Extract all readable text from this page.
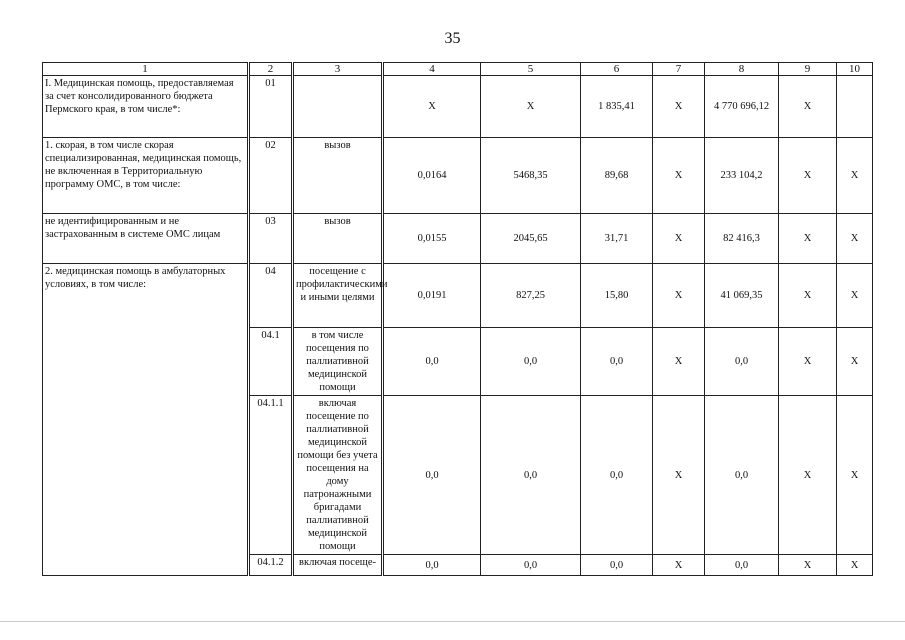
35
1	2	3	4	5	6	7	8	9	10
I. Медицинская помощь, предоставляемая за счет консолидированного бюджета Пермского края, в том числе*:	01		Х	Х	1 835,41	Х	4 770 696,12	Х	
1. скорая, в том числе скорая специализированная, медицинская помощь, не включенная в Территориальную программу ОМС, в том числе:	02	вызов	0,0164	5468,35	89,68	Х	233 104,2	Х	Х
не идентифицированным и не застрахованным в системе ОМС лицам	03	вызов	0,0155	2045,65	31,71	Х	82 416,3	Х	Х
2. медицинская помощь в амбулаторных условиях, в том числе:	04	посещение с профилактическими и иными целями	0,0191	827,25	15,80	Х	41 069,35	Х	Х
	04.1	в том числе посещения по паллиативной медицинской помощи	0,0	0,0	0,0	Х	0,0	Х	Х
	04.1.1	включая посещение по паллиативной медицинской помощи без учета посещения на дому патронажными бригадами паллиативной медицинской помощи	0,0	0,0	0,0	Х	0,0	Х	Х
	04.1.2	включая посеще-	0,0	0,0	0,0	Х	0,0	Х	Х
